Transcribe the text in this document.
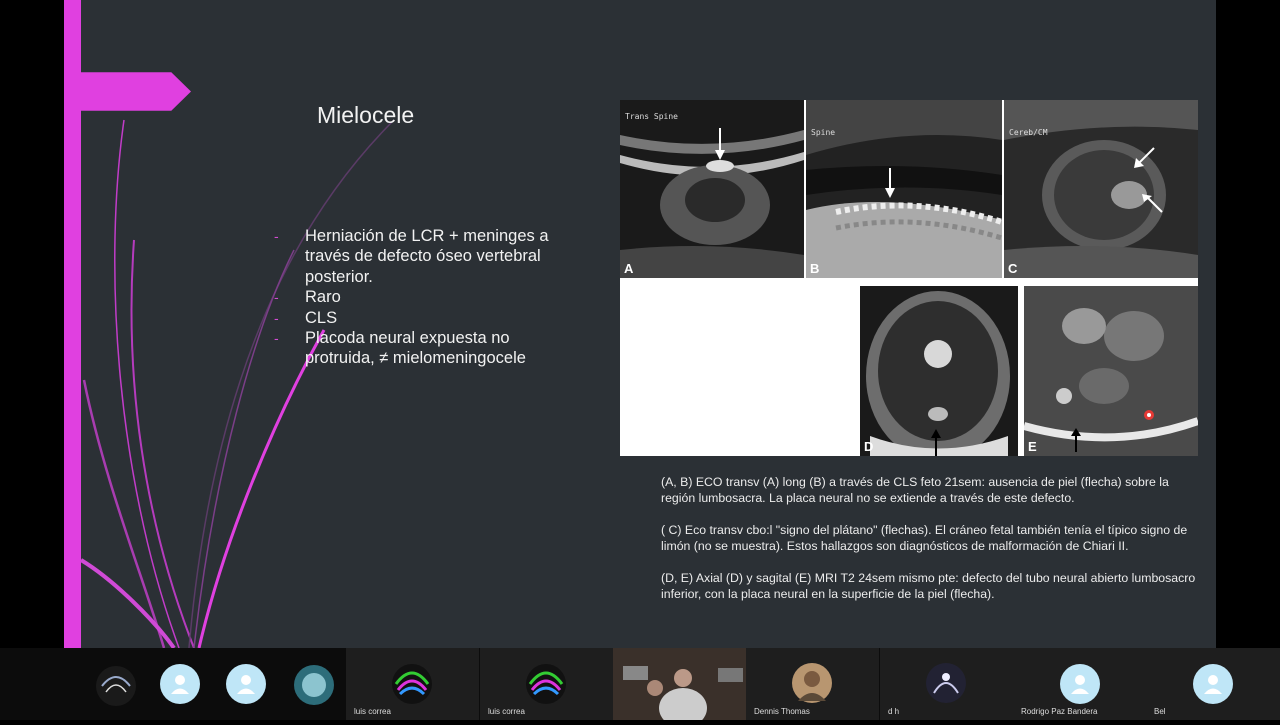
Mielocele
- Herniación de LCR + meninges a través de defecto óseo vertebral posterior.
- Raro
- CLS
- Placoda neural expuesta no protruida, ≠ mielomeningocele
Trans Spine
A
Spine
B
Cereb/CM
C
D	E

(A, B) ECO transv (A) long (B) a través de CLS feto 21sem: ausencia de piel (flecha) sobre la región lumbosacra. La placa neural no se extiende a través de este defecto.

( C) Eco transv cbo:l "signo del plátano" (flechas). El cráneo fetal también tenía el típico signo de limón (no se muestra). Estos hallazgos son diagnósticos de malformación de Chiari II.

(D, E) Axial (D) y sagital (E) MRI T2 24sem mismo pte: defecto del tubo neural abierto lumbosacro inferior, con la placa neural en la superficie de la piel (flecha).

luis correa	luis correa	Dennis Thomas	d h	Rodrigo Paz Bandera	Bel
